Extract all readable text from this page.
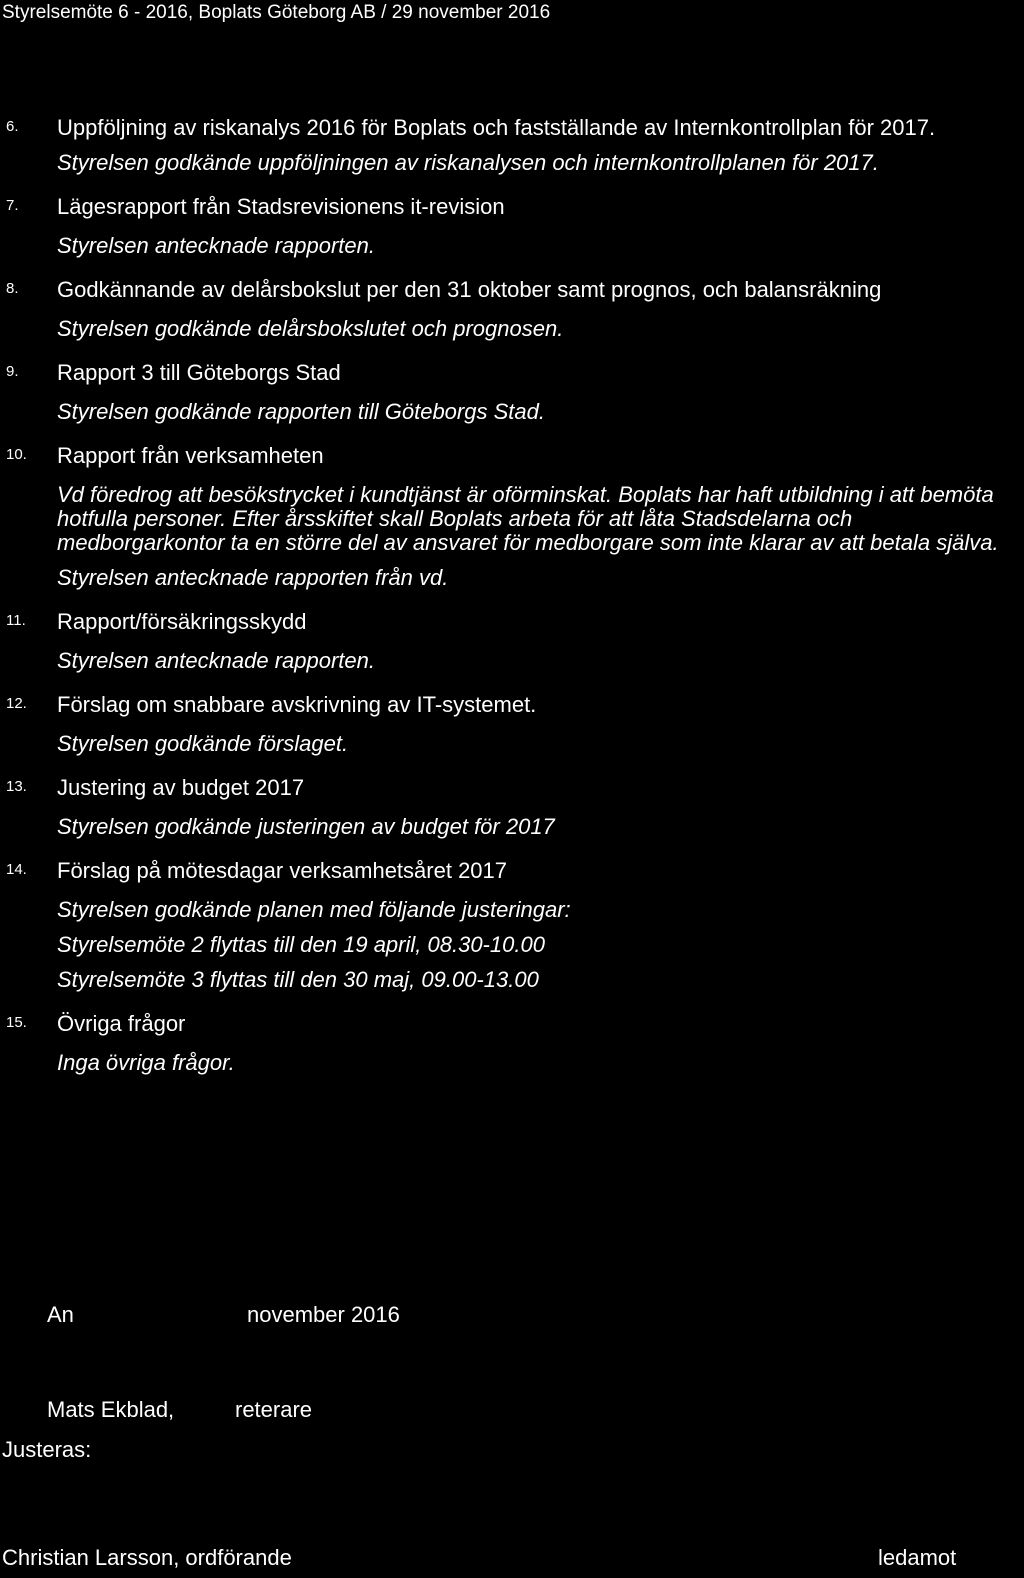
Styrelsemöte 6 - 2016, Boplats Göteborg AB / 29 november 2016
6. Uppföljning av riskanalys 2016 för Boplats och fastställande av Internkontrollplan för 2017.
Styrelsen godkände uppföljningen av riskanalysen och internkontrollplanen för 2017.
7. Lägesrapport från Stadsrevisionens it-revision
Styrelsen antecknade rapporten.
8. Godkännande av delårsbokslut per den 31 oktober samt prognos, och balansräkning
Styrelsen godkände delårsbokslutet och prognosen.
9. Rapport 3 till Göteborgs Stad
Styrelsen godkände rapporten till Göteborgs Stad.
10. Rapport från verksamheten
Vd föredrog att besökstrycket i kundtjänst är oförminskat. Boplats har haft utbildning i att bemöta hotfulla personer. Efter årsskiftet skall Boplats arbeta för att låta Stadsdelarna och medborgarkontor ta en större del av ansvaret för medborgare som inte klarar av att betala själva.
Styrelsen antecknade rapporten från vd.
11. Rapport/försäkringsskydd
Styrelsen antecknade rapporten.
12. Förslag om snabbare avskrivning av IT-systemet.
Styrelsen godkände förslaget.
13. Justering av budget 2017
Styrelsen godkände justeringen av budget för 2017
14. Förslag på mötesdagar verksamhetsåret 2017
Styrelsen godkände planen med följande justeringar:
Styrelsemöte 2 flyttas till den 19 april, 08.30-10.00
Styrelsemöte 3 flyttas till den 30 maj, 09.00-13.00
15. Övriga frågor
Inga övriga frågor.
An	november 2016
Mats Ekblad,	reterare
Justeras:
Christian Larsson, ordförande	ledamot
